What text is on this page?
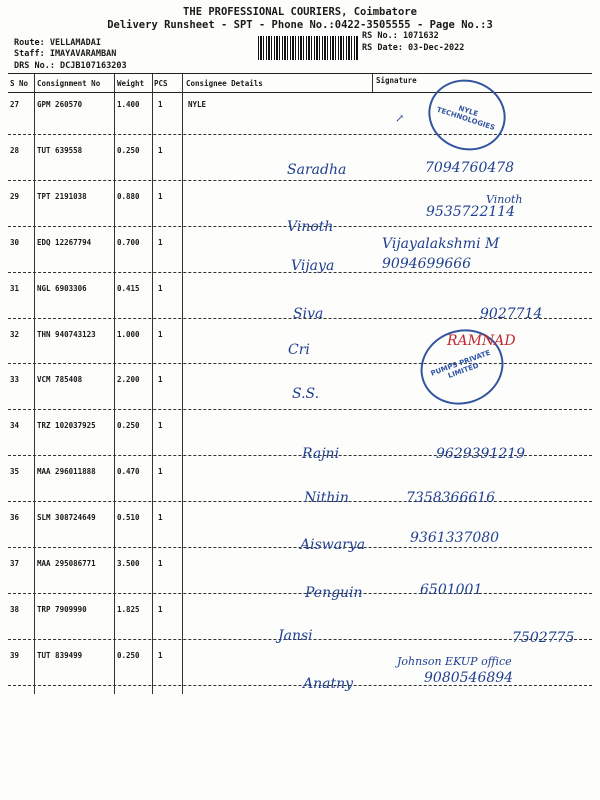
THE PROFESSIONAL COURIERS, Coimbatore
Delivery Runsheet - SPT - Phone No.:0422-3505555 - Page No.:3
Route: VELLAMADAI
Staff: IMAYAVARAMBAN
DRS No.: DCJB107163203
RS No.: 1071632
RS Date: 03-Dec-2022
S No Consignment No Weight PCS Consignee Details	Signature
27 GPM 260570	1.400 1	NYLE
28 TUT 639558	0.250 1
29 TPT 2191038	0.880 1
30 EDQ 12267794	0.700 1
31 NGL 6903306	0.415 1
32 THN 940743123	1.000 1
33 VCM 785408	2.200 1
34 TRZ 102037925	0.250 1
35 MAA 296011888	0.470 1
36 SLM 308724649	0.510 1
37 MAA 295086771	3.500 1
38 TRP 7909990	1.825 1
39 TUT 839499	0.250 1
↗
Saradha	7094760478
Vinoth
9535722114
Vinoth
Vijayalakshmi M
Vijaya	9094699666
Siva	9027714
Cri
S.S.
Rajni	9629391219
Nithin	7358366616
Aiswarya	9361337080
Penguin	6501001
Jansi	7502775
Johnson EKUP office
9080546894
Anatny
NYLE TECHNOLOGIES
PUMPS PRIVATE LIMITED
RAMNAD
